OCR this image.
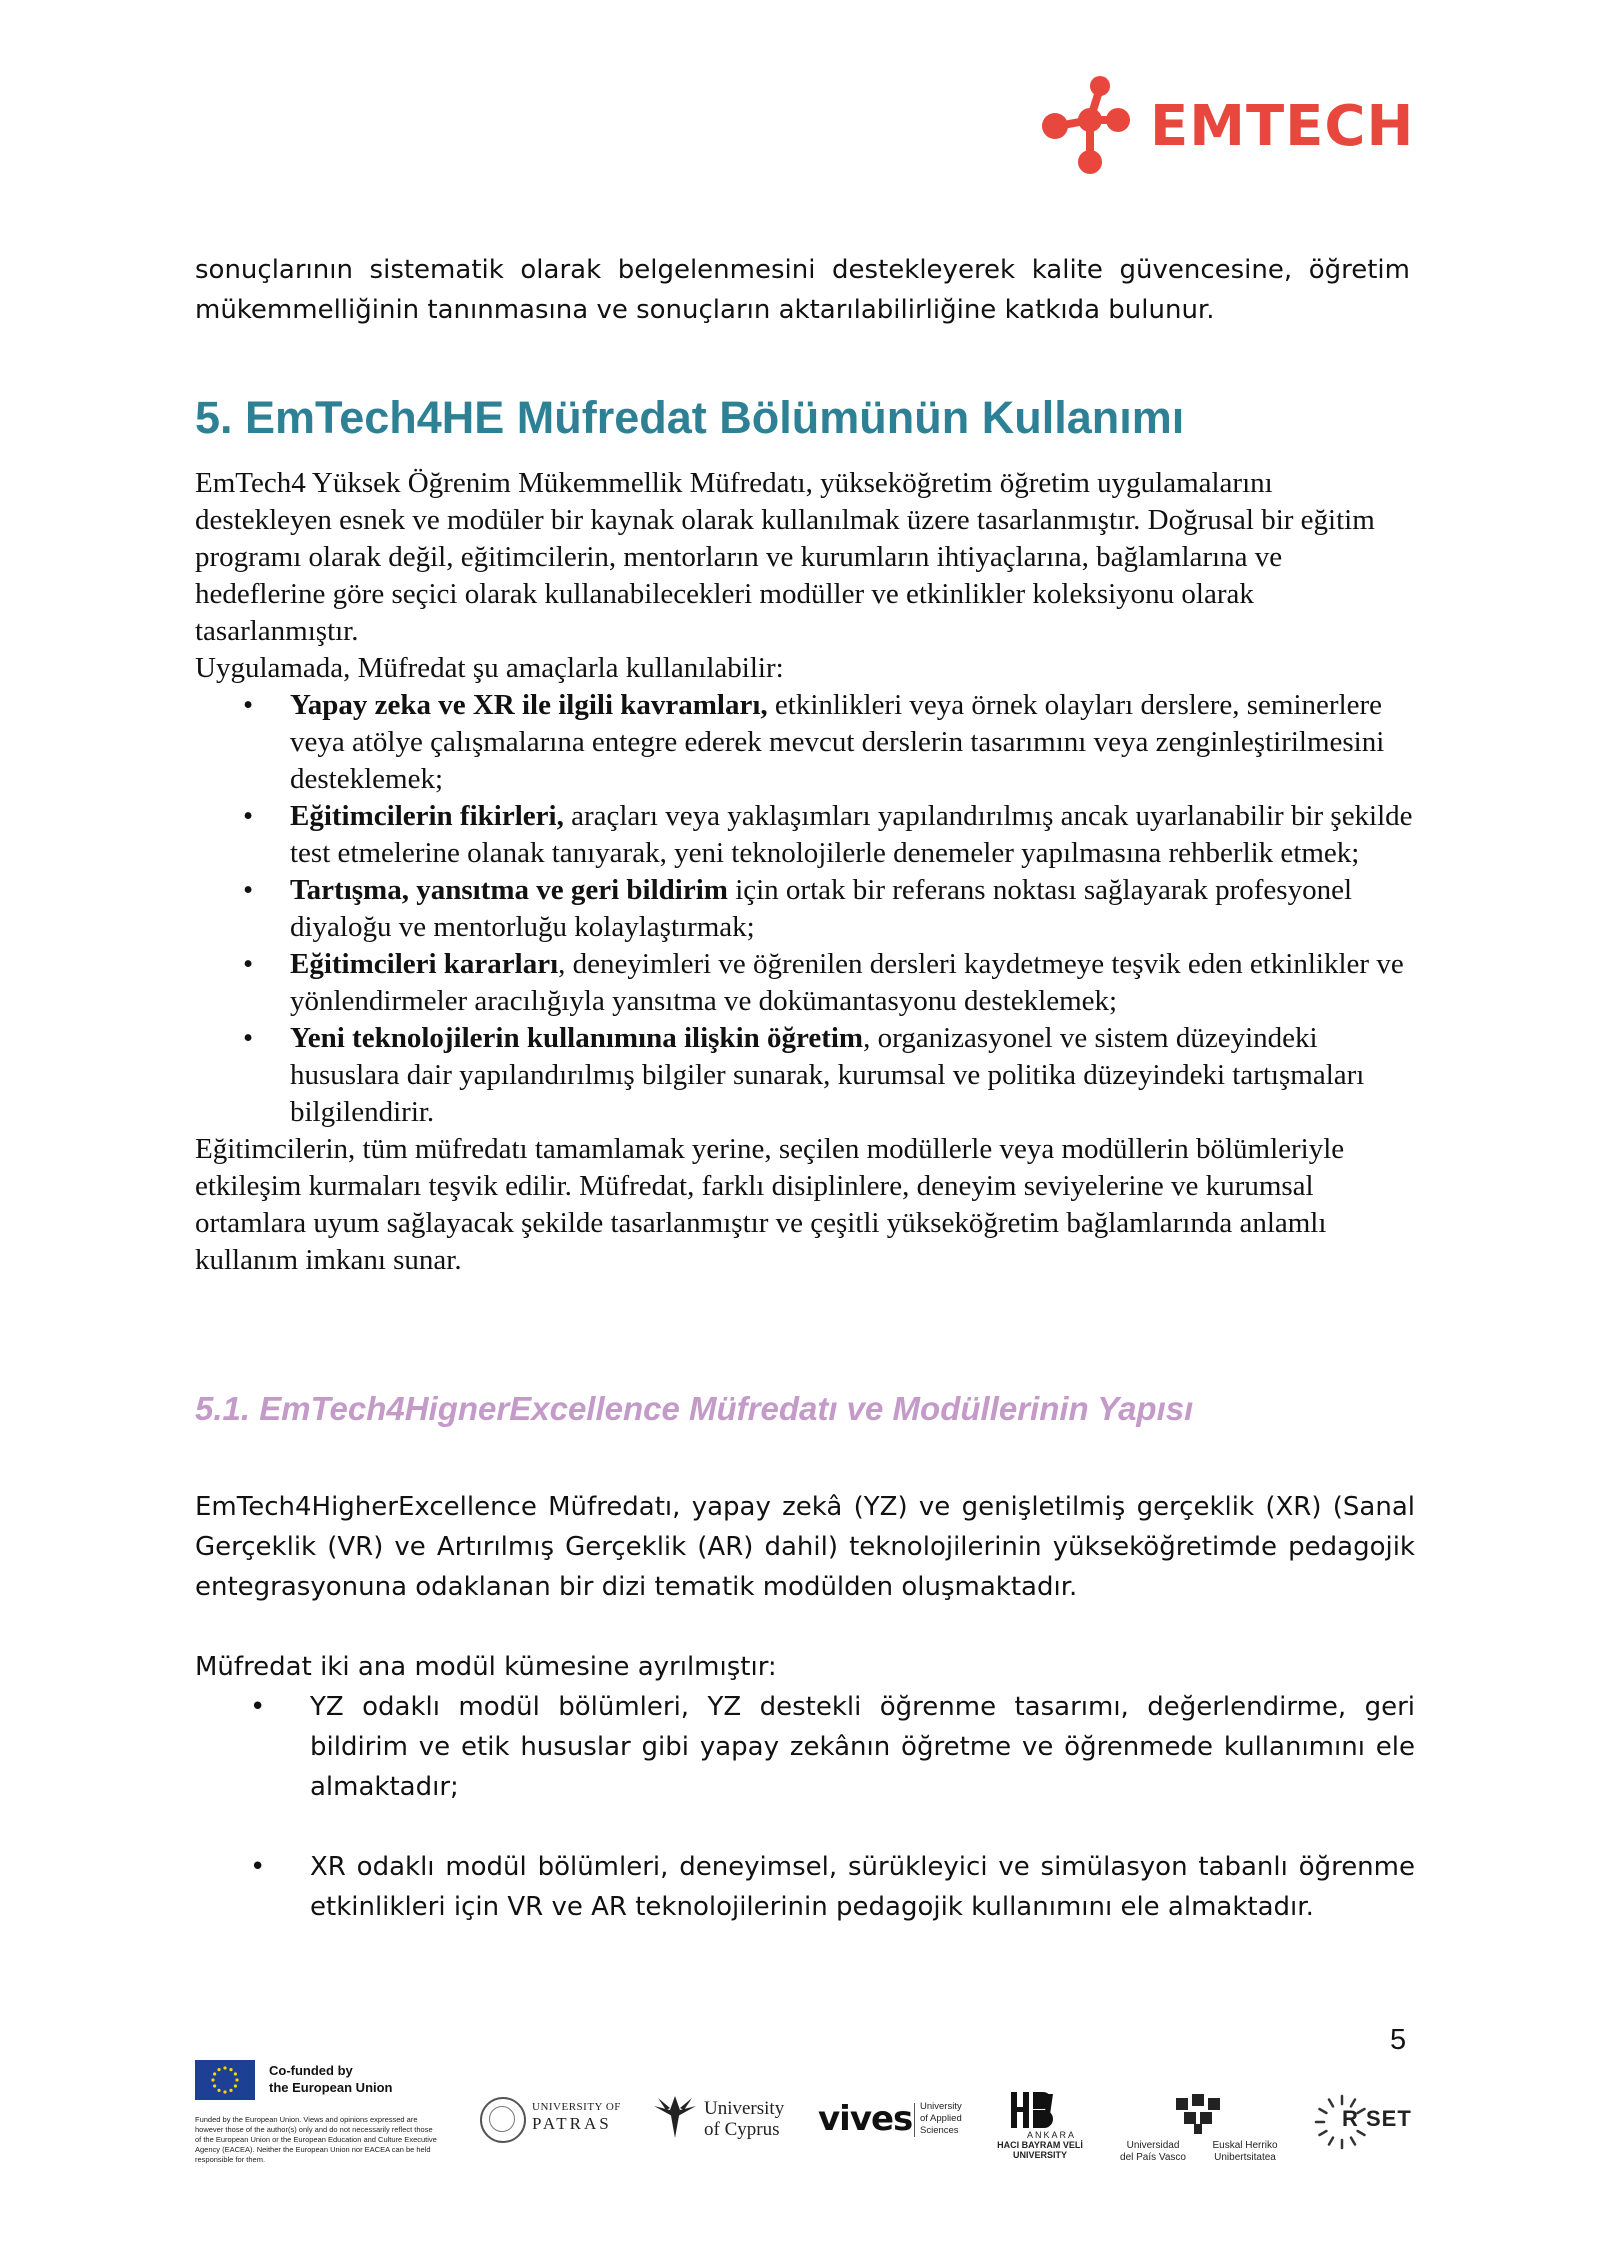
EMTECH
sonuçlarının sistematik olarak belgelenmesini destekleyerek kalite güvencesine, öğretim mükemmelliğinin tanınmasına ve sonuçların aktarılabilirliğine katkıda bulunur.
5. EmTech4HE Müfredat Bölümünün Kullanımı

EmTech4 Yüksek Öğrenim Mükemmellik Müfredatı, yükseköğretim öğretim uygulamalarını destekleyen esnek ve modüler bir kaynak olarak kullanılmak üzere tasarlanmıştır. Doğrusal bir eğitim programı olarak değil, eğitimcilerin, mentorların ve kurumların ihtiyaçlarına, bağlamlarına ve hedeflerine göre seçici olarak kullanabilecekleri modüller ve etkinlikler koleksiyonu olarak tasarlanmıştır.

Uygulamada, Müfredat şu amaçlarla kullanılabilir:

• Yapay zeka ve XR ile ilgili kavramları, etkinlikleri veya örnek olayları derslere, seminerlere veya atölye çalışmalarına entegre ederek mevcut derslerin tasarımını veya zenginleştirilmesini desteklemek;
• Eğitimcilerin fikirleri, araçları veya yaklaşımları yapılandırılmış ancak uyarlanabilir bir şekilde test etmelerine olanak tanıyarak, yeni teknolojilerle denemeler yapılmasına rehberlik etmek;
• Tartışma, yansıtma ve geri bildirim için ortak bir referans noktası sağlayarak profesyonel diyaloğu ve mentorluğu kolaylaştırmak;
• Eğitimcileri kararları, deneyimleri ve öğrenilen dersleri kaydetmeye teşvik eden etkinlikler ve yönlendirmeler aracılığıyla yansıtma ve dokümantasyonu desteklemek;
• Yeni teknolojilerin kullanımına ilişkin öğretim, organizasyonel ve sistem düzeyindeki hususlara dair yapılandırılmış bilgiler sunarak, kurumsal ve politika düzeyindeki tartışmaları bilgilendirir.

Eğitimcilerin, tüm müfredatı tamamlamak yerine, seçilen modüllerle veya modüllerin bölümleriyle etkileşim kurmaları teşvik edilir. Müfredat, farklı disiplinlere, deneyim seviyelerine ve kurumsal ortamlara uyum sağlayacak şekilde tasarlanmıştır ve çeşitli yükseköğretim bağlamlarında anlamlı kullanım imkanı sunar.

5.1. EmTech4HignerExcellence Müfredatı ve Modüllerinin Yapısı

EmTech4HigherExcellence Müfredatı, yapay zekâ (YZ) ve genişletilmiş gerçeklik (XR) (Sanal Gerçeklik (VR) ve Artırılmış Gerçeklik (AR) dahil) teknolojilerinin yükseköğretimde pedagojik entegrasyonuna odaklanan bir dizi tematik modülden oluşmaktadır.

Müfredat iki ana modül kümesine ayrılmıştır:

• YZ odaklı modül bölümleri, YZ destekli öğrenme tasarımı, değerlendirme, geri bildirim ve etik hususlar gibi yapay zekânın öğretme ve öğrenmede kullanımını ele almaktadır;
• XR odaklı modül bölümleri, deneyimsel, sürükleyici ve simülasyon tabanlı öğrenme etkinlikleri için VR ve AR teknolojilerinin pedagojik kullanımını ele almaktadır.
5
Co-funded by
the European Union
Funded by the European Union. Views and opinions expressed are however those of the author(s) only and do not necessarily reflect those of the European Union or the European Education and Culture Executive Agency (EACEA). Neither the European Union nor EACEA can be held responsible for them.
UNIVERSITY OF
PATRAS
University
of Cyprus vives University
of Applied
Sciences	ANKARA
HACI BAYRAM VELİ
UNIVERSITY
Universidad
del País Vasco
Euskal Herriko
Unibertsitatea
R SET
